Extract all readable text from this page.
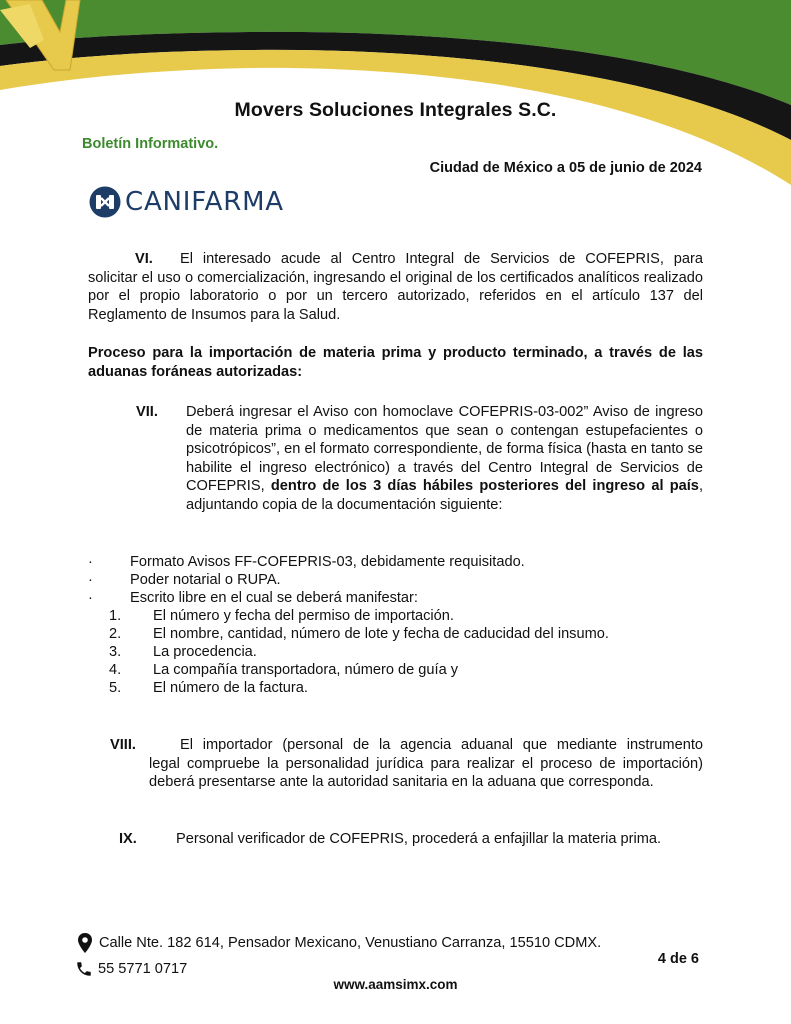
Movers Soluciones Integrales S.C.
Boletín Informativo.
Ciudad de México a 05 de junio de 2024
CANIFARMA
VI. El interesado acude al Centro Integral de Servicios de COFEPRIS, para
solicitar el uso o comercialización, ingresando el original de los certificados analíticos realizado por el propio laboratorio o por un tercero autorizado, referidos en el artículo 137 del Reglamento de Insumos para la Salud.
Proceso para la importación de materia prima y producto terminado, a través de las aduanas foráneas autorizadas:
VII. Deberá ingresar el Aviso con homoclave COFEPRIS-03-002” Aviso de ingreso de materia prima o medicamentos que sean o contengan estupefacientes o psicotrópicos”, en el formato correspondiente, de forma física (hasta en tanto se habilite el ingreso electrónico) a través del Centro Integral de Servicios de COFEPRIS, dentro de los 3 días hábiles posteriores del ingreso al país, adjuntando copia de la documentación siguiente:
·	Formato Avisos FF-COFEPRIS-03, debidamente requisitado.
·	Poder notarial o RUPA.
·	Escrito libre en el cual se deberá manifestar:
1. El número y fecha del permiso de importación.
2. El nombre, cantidad, número de lote y fecha de caducidad del insumo.
3. La procedencia.
4. La compañía transportadora, número de guía y
5. El número de la factura.
VIII.	El importador (personal de la agencia aduanal que mediante instrumento
legal compruebe la personalidad jurídica para realizar el proceso de importación) deberá presentarse ante la autoridad sanitaria en la aduana que corresponda.
IX.	Personal verificador de COFEPRIS, procederá a enfajillar la materia prima.
Calle Nte. 182 614, Pensador Mexicano, Venustiano Carranza, 15510 CDMX.
55 5771 0717
4 de 6
www.aamsimx.com
